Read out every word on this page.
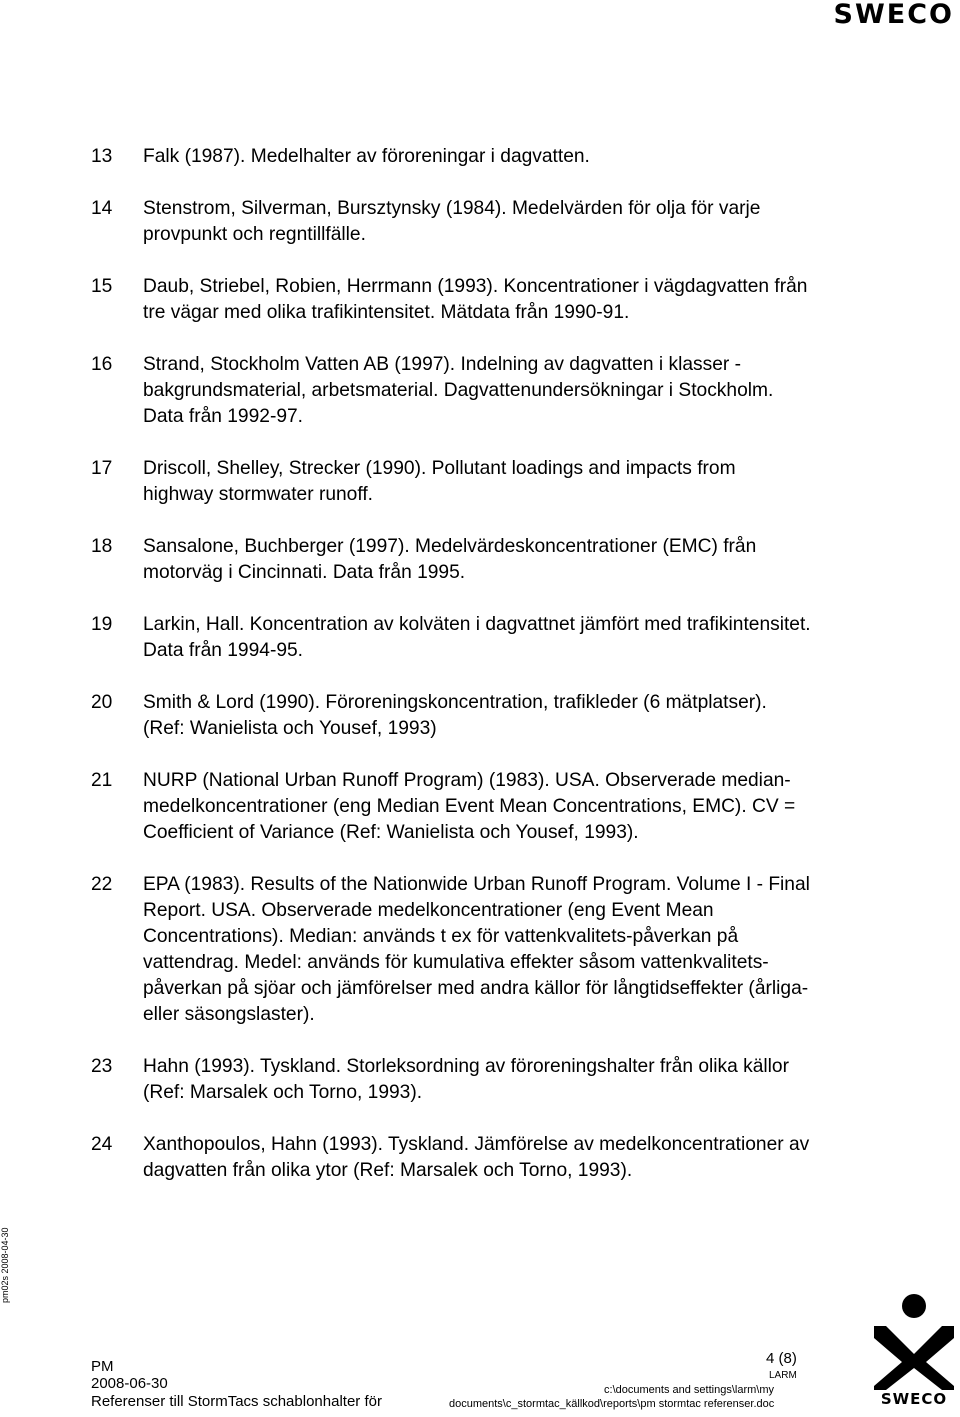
SWECO
13	Falk (1987). Medelhalter av föroreningar i dagvatten.
14	Stenstrom, Silverman, Bursztynsky (1984). Medelvärden för olja för varje provpunkt och regntillfälle.
15	Daub, Striebel, Robien, Herrmann (1993). Koncentrationer i vägdagvatten från tre vägar med olika trafikintensitet. Mätdata från 1990-91.
16	Strand, Stockholm Vatten AB (1997). Indelning av dagvatten i klasser - bakgrundsmaterial, arbetsmaterial. Dagvattenundersökningar i Stockholm. Data från 1992-97.
17	Driscoll, Shelley, Strecker (1990). Pollutant loadings and impacts from highway stormwater runoff.
18	Sansalone, Buchberger (1997). Medelvärdeskoncentrationer (EMC) från motorväg i Cincinnati. Data från 1995.
19	Larkin, Hall. Koncentration av kolväten i dagvattnet jämfört med trafikintensitet. Data från 1994-95.
20	Smith & Lord (1990). Föroreningskoncentration, trafikleder (6 mätplatser). (Ref: Wanielista och Yousef, 1993)
21	NURP (National Urban Runoff Program) (1983). USA. Observerade median-medelkoncentrationer (eng Median Event Mean Concentrations, EMC). CV = Coefficient of Variance (Ref: Wanielista och Yousef, 1993).
22	EPA (1983). Results of the Nationwide Urban Runoff Program. Volume I - Final Report. USA. Observerade medelkoncentrationer (eng Event Mean Concentrations). Median: används t ex för vattenkvalitets-påverkan på vattendrag. Medel: används för kumulativa effekter såsom vattenkvalitets-påverkan på sjöar och jämförelser med andra källor för långtidseffekter (årliga- eller säsongslaster).
23	Hahn (1993). Tyskland. Storleksordning av föroreningshalter från olika källor (Ref: Marsalek och Torno, 1993).
24	Xanthopoulos, Hahn (1993). Tyskland. Jämförelse av medelkoncentrationer av dagvatten från olika ytor (Ref: Marsalek och Torno, 1993).
pm02s 2008-04-30
4 (8)
PM
2008-06-30
Referenser till StormTacs schablonhalter för
LARM
c:\documents and settings\larm\my
documents\c_stormtac_källkod\reports\pm stormtac referenser.doc	SWECO
